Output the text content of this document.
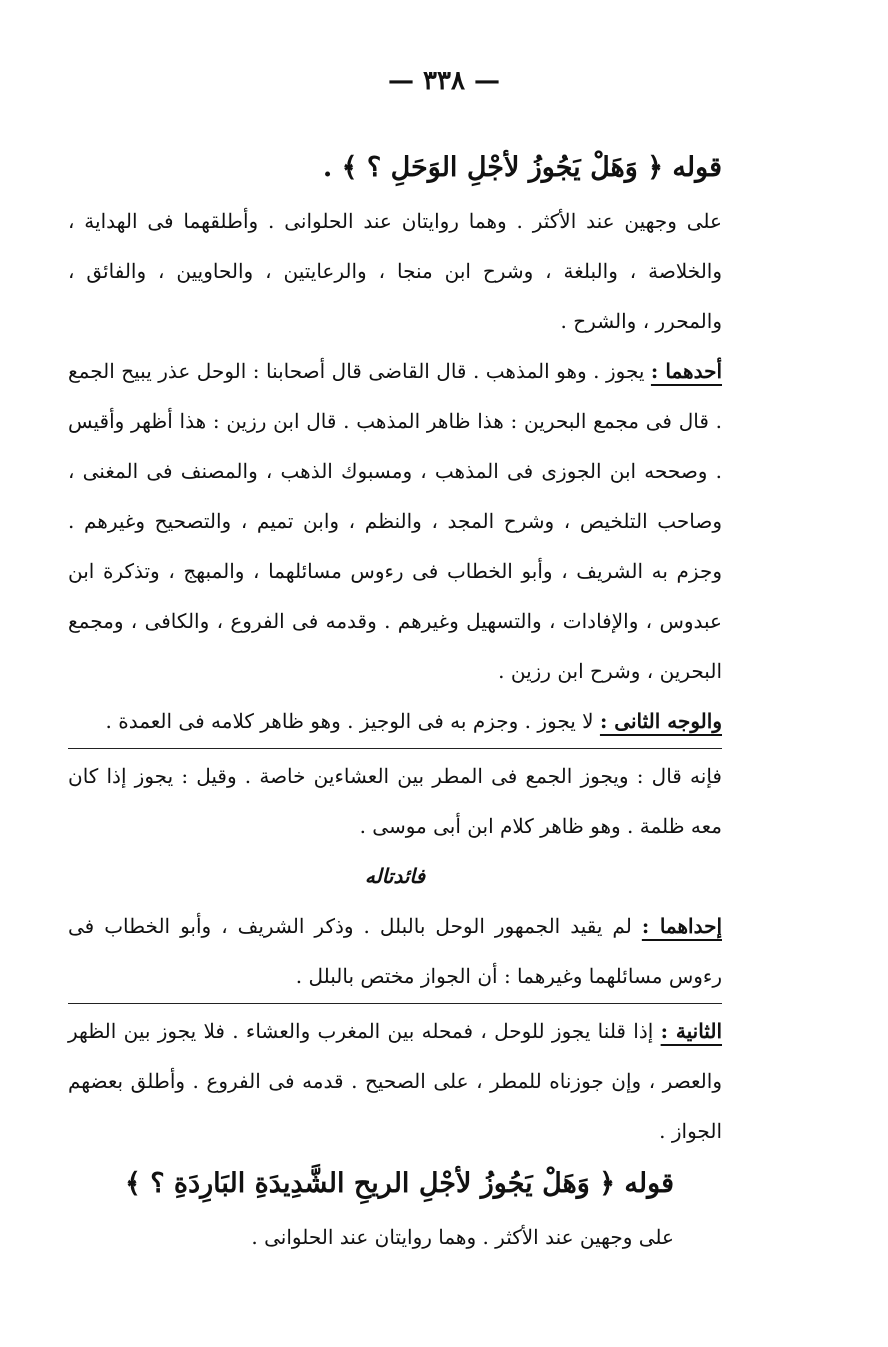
— ٣٣٨ —

قوله ﴿ وَهَلْ يَجُوزُ لأجْلِ الوَحَلِ ؟ ﴾ .

على وجهين عند الأكثر . وهما روايتان عند الحلوانى . وأطلقهما فى الهداية ، والخلاصة ، والبلغة ، وشرح ابن منجا ، والرعايتين ، والحاويين ، والفائق ، والمحرر ، والشرح .

أحدهما : يجوز . وهو المذهب . قال القاضى قال أصحابنا : الوحل عذر يبيح الجمع . قال فى مجمع البحرين : هذا ظاهر المذهب . قال ابن رزين : هذا أظهر وأقيس . وصححه ابن الجوزى فى المذهب ، ومسبوك الذهب ، والمصنف فى المغنى ، وصاحب التلخيص ، وشرح المجد ، والنظم ، وابن تميم ، والتصحيح وغيرهم . وجزم به الشريف ، وأبو الخطاب فى رءوس مسائلهما ، والمبهج ، وتذكرة ابن عبدوس ، والإفادات ، والتسهيل وغيرهم . وقدمه فى الفروع ، والكافى ، ومجمع البحرين ، وشرح ابن رزين .

والوجه الثانى : لا يجوز . وجزم به فى الوجيز . وهو ظاهر كلامه فى العمدة .

فإنه قال : ويجوز الجمع فى المطر بين العشاءين خاصة . وقيل : يجوز إذا كان معه ظلمة . وهو ظاهر كلام ابن أبى موسى .

فائدتاله

إحداهما : لم يقيد الجمهور الوحل بالبلل . وذكر الشريف ، وأبو الخطاب فى رءوس مسائلهما وغيرهما : أن الجواز مختص بالبلل .

الثانية : إذا قلنا يجوز للوحل ، فمحله بين المغرب والعشاء . فلا يجوز بين الظهر والعصر ، وإن جوزناه للمطر ، على الصحيح . قدمه فى الفروع . وأطلق بعضهم الجواز .

قوله ﴿ وَهَلْ يَجُوزُ لأجْلِ الريحِ الشَّدِيدَةِ البَارِدَةِ ؟ ﴾

على وجهين عند الأكثر . وهما روايتان عند الحلوانى .
